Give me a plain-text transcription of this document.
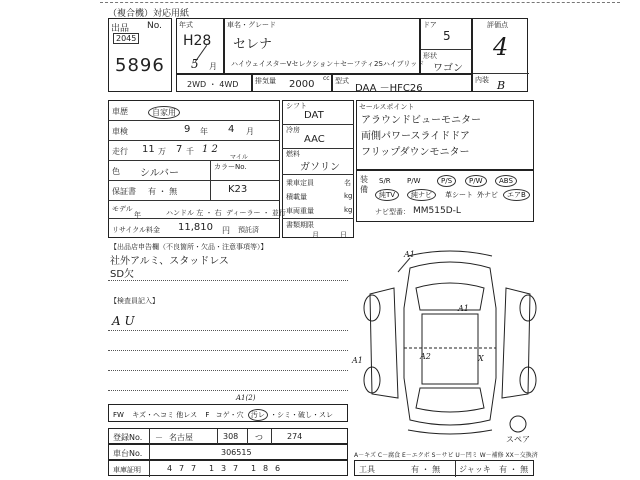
（複合機）対応用紙
出品 No.
2045
5896
年式
H28
5 月
車名・グレード
セレナ
ハイウェイスターVセレクション＋セーフティ2Sハイブリッド
ドア
5
形状
ワゴン
評価点
4
内装 B
2WD ・ 4WD 排気量 2000
cc 型式
DAA －HFC26
車歴	自家用
車検	9 年 4 月
走行 11 万 7 千 1 2
マイル
色 シルバー
カラーNo.
保証書 有 ・ 無	K23
モデル
年	ハンドル 左 ・ 右 ディーラー ・ 並行
リサイクル料金 11,810 円 預託済
シフト
DAT
冷房
AAC
燃料
ガソリン
乗車定員	名
積載量	kg
車両重量	kg
書類期限
月	日
セールスポイント
アラウンドビューモニター
両側パワースライドドア
フリップダウンモニター
装備
S/R	P/W	P/S	P/W	ABS
純TV	純ナビ	革シート 外ナビ	エアB
ナビ型番： MM515D-L
【出品店申告欄（不良箇所・欠品・注意事項等）】
社外アルミ、スタッドレス
SD欠
【検査員記入】
A U
A1
A1
A1	A2	X
スペア
A1(2)
FW キズ・ヘコミ 他レス F コゲ・穴 汚レ ・シミ・破し・スレ
登録No. － 名古屋	308 つ	274
車台No.	306515
車庫証明	4 7 7 1 3 7 1 8 6
A－キズ C－腐食 E－エクボ S－サビ U－凹ミ W－補修 XX－交換済
工具	有 ・ 無 ジャッキ 有 ・ 無
